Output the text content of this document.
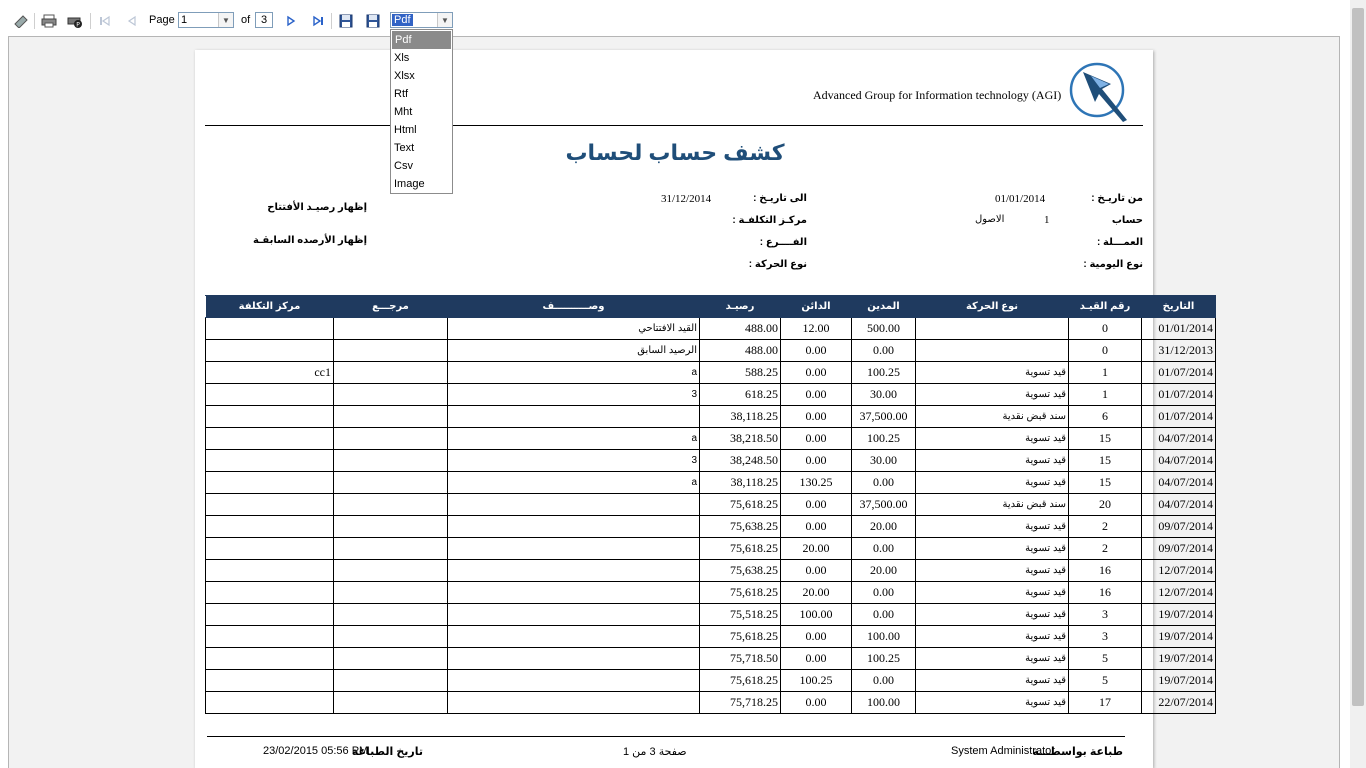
P	Page 1	▼ of 3	Pdf	▼
Pdf
Xls
Xlsx
Rtf
Mht
Html
Text
Csv
Image
Advanced Group for Information technology (AGI)
كشف حساب لحساب
من تاريـخ :
01/01/2014
الى تاريـخ :
31/12/2014
حساب
1
الاصول
مركـز التكلفـة :
العمـــلة :
الفــــرع :
نوع اليومية :
نوع الحركة :
إظهار رصيـد الأفتتاح
إظهار الأرصده السابقـة
مركز التكلفة	مرجـــع	وصــــــــــف	رصيـد	الدائن	المدين	نوع الحركة	رقم القيـد	التاريخ
		القيد الافتتاحي	488.00	12.00	500.00		0	01/01/2014
		الرصيد السابق	488.00	0.00	0.00		0	31/12/2013
cc1		a	588.25	0.00	100.25	قيد تسوية	1	01/07/2014
		3	618.25	0.00	30.00	قيد تسوية	1	01/07/2014
			38,118.25	0.00	37,500.00	سند قبض نقدية	6	01/07/2014
		a	38,218.50	0.00	100.25	قيد تسوية	15	04/07/2014
		3	38,248.50	0.00	30.00	قيد تسوية	15	04/07/2014
		a	38,118.25	130.25	0.00	قيد تسوية	15	04/07/2014
			75,618.25	0.00	37,500.00	سند قبض نقدية	20	04/07/2014
			75,638.25	0.00	20.00	قيد تسوية	2	09/07/2014
			75,618.25	20.00	0.00	قيد تسوية	2	09/07/2014
			75,638.25	0.00	20.00	قيد تسوية	16	12/07/2014
			75,618.25	20.00	0.00	قيد تسوية	16	12/07/2014
			75,518.25	100.00	0.00	قيد تسوية	3	19/07/2014
			75,618.25	0.00	100.00	قيد تسوية	3	19/07/2014
			75,718.50	0.00	100.25	قيد تسوية	5	19/07/2014
			75,618.25	100.25	0.00	قيد تسوية	5	19/07/2014
			75,718.25	0.00	100.00	قيد تسوية	17	22/07/2014
System Administrator
طباعة بواسطـــة
صفحة 3 من 1
23/02/2015 05:56 PM
تاريخ الطباعة
